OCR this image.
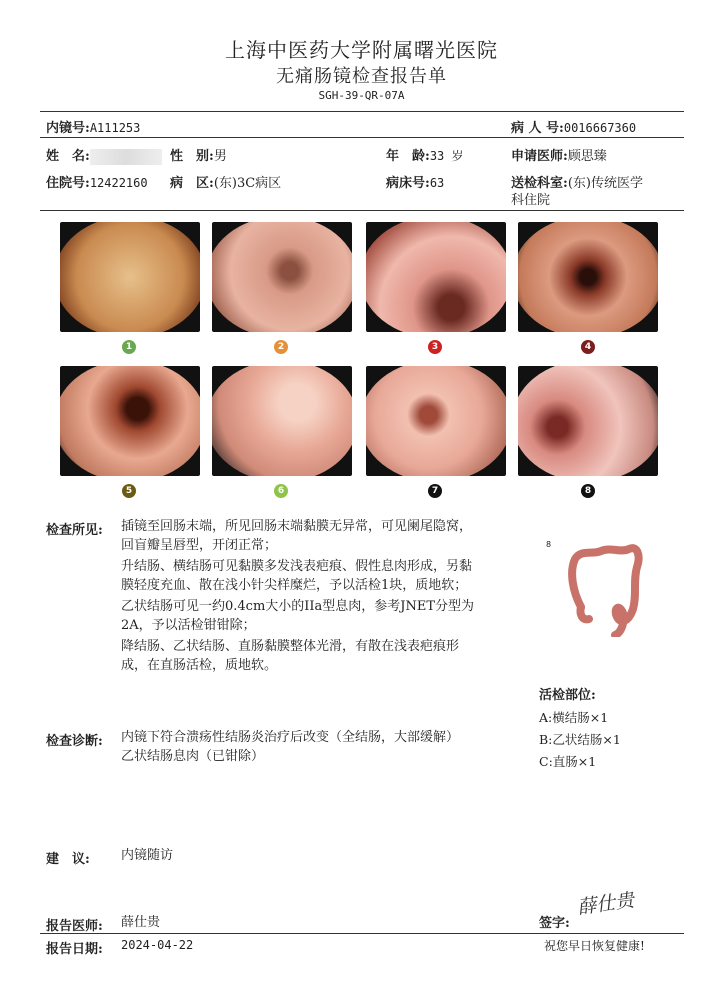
上海中医药大学附属曙光医院
无痛肠镜检查报告单
SGH-39-QR-07A
内镜号:A111253	病 人 号:0016667360
姓　名:	性　别:男	年　龄:33 岁	申请医师:顾思臻
住院号:12422160 病　区:(东)3C病区	病床号:63	送检科室:(东)传统医学
科住院
1	2	3	4
5	6	7	8
检查所见: 插镜至回肠末端，所见回肠末端黏膜无异常，可见阑尾隐窝，
回盲瓣呈唇型，开闭正常；

升结肠、横结肠可见黏膜多发浅表疤痕、假性息肉形成，另黏
膜轻度充血、散在浅小针尖样糜烂，予以活检1块，质地软；

乙状结肠可见一约0.4cm大小的IIa型息肉，参考JNET分型为
2A，予以活检钳钳除；

降结肠、乙状结肠、直肠黏膜整体光滑，有散在浅表疤痕形
成，在直肠活检，质地软。

8
活检部位:
A:横结肠×1
B:乙状结肠×1
C:直肠×1
检查诊断: 内镜下符合溃疡性结肠炎治疗后改变（全结肠，大部缓解）
乙状结肠息肉（已钳除）
建　议: 内镜随访
报告医师: 薛仕贵	签字:
薛仕贵
报告日期: 2024-04-22	祝您早日恢复健康!
